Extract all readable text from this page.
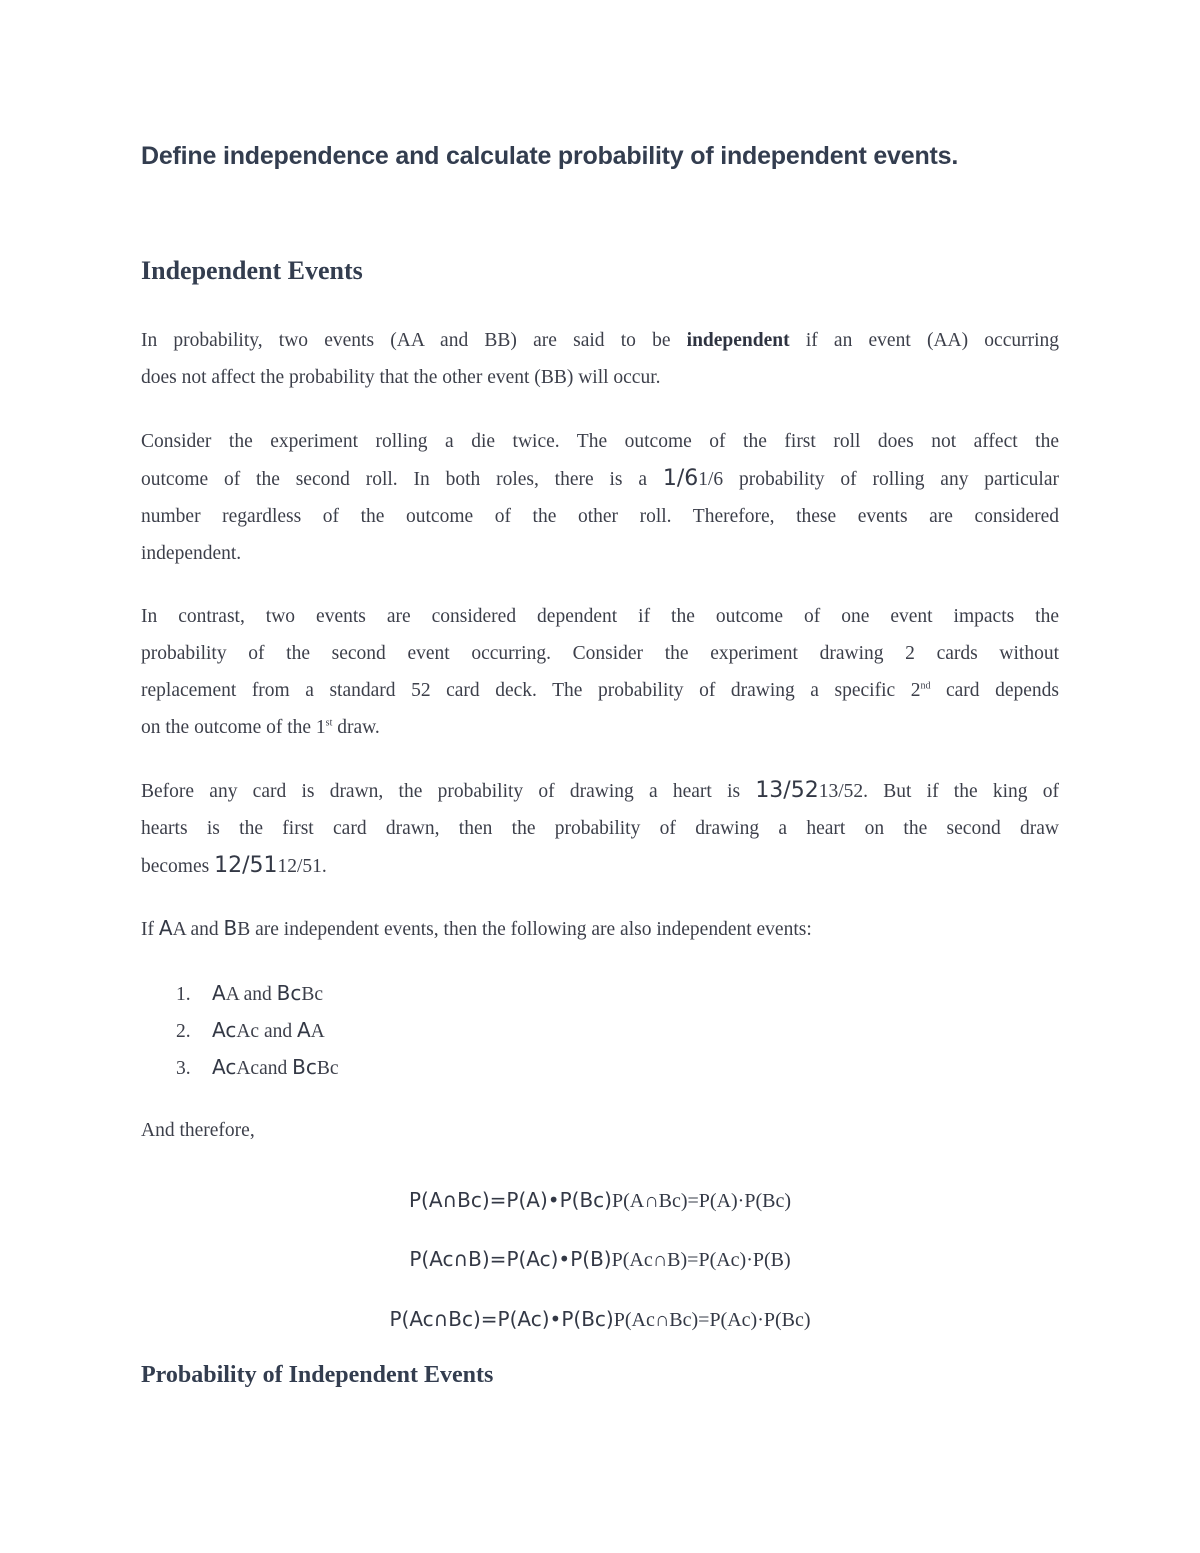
Define independence and calculate probability of independent events.
Independent Events
In probability, two events (AA and BB) are said to be independent if an event (AA) occurring
does not affect the probability that the other event (BB) will occur.
Consider the experiment rolling a die twice. The outcome of the first roll does not affect the
outcome of the second roll. In both roles, there is a 1/61/6 probability of rolling any particular
number regardless of the outcome of the other roll. Therefore, these events are considered
independent.
In contrast, two events are considered dependent if the outcome of one event impacts the
probability of the second event occurring. Consider the experiment drawing 2 cards without
replacement from a standard 52 card deck. The probability of drawing a specific 2nd card depends
on the outcome of the 1st draw.
Before any card is drawn, the probability of drawing a heart is 13/5213/52. But if the king of
hearts is the first card drawn, then the probability of drawing a heart on the second draw
becomes 12/5112/51.
If AA and BB are independent events, then the following are also independent events:
1. AA and BcBc
2. AcAc and AA
3. AcAcand BcBc
And therefore,
P(A∩Bc)=P(A)•P(Bc)P(A∩Bc)=P(A)·P(Bc)
P(Ac∩B)=P(Ac)•P(B)P(Ac∩B)=P(Ac)·P(B)
P(Ac∩Bc)=P(Ac)•P(Bc)P(Ac∩Bc)=P(Ac)·P(Bc)
Probability of Independent Events
